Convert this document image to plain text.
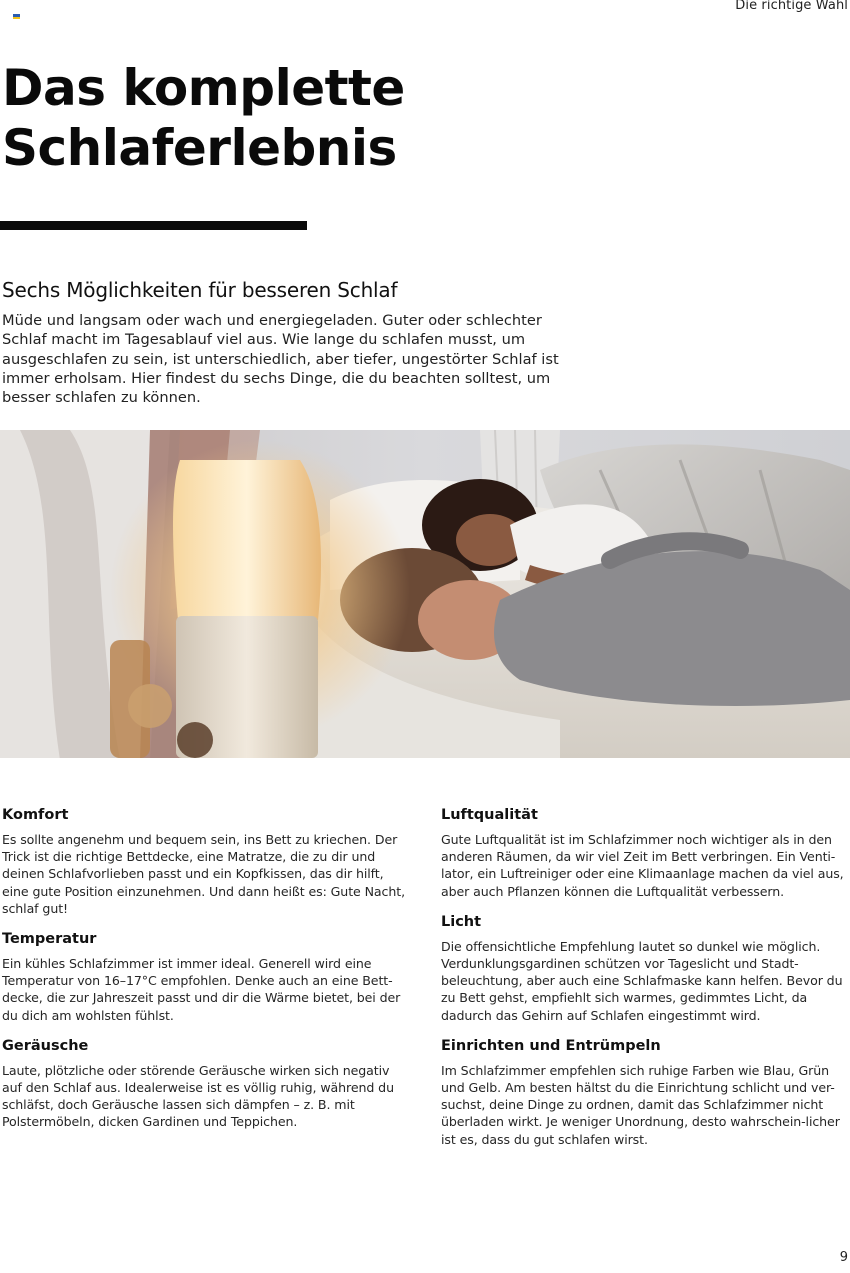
Die richtige Wahl
Das komplette
Schlaferlebnis
Sechs Möglichkeiten für besseren Schlaf

Müde und langsam oder wach und energiegeladen. Guter oder schlechter Schlaf macht im Tagesablauf viel aus. Wie lange du schlafen musst, um ausgeschlafen zu sein, ist unterschiedlich, aber tiefer, ungestörter Schlaf ist immer erholsam. Hier findest du sechs Dinge, die du beachten solltest, um besser schlafen zu können.

Komfort

Es sollte angenehm und bequem sein, ins Bett zu kriechen. Der Trick ist die richtige Bettdecke, eine Matratze, die zu dir und deinen Schlafvorlieben passt und ein Kopfkissen, das dir hilft, eine gute Position einzunehmen. Und dann heißt es: Gute Nacht, schlaf gut!

Temperatur

Ein kühles Schlafzimmer ist immer ideal. Generell wird eine Temperatur von 16–17°C empfohlen. Denke auch an eine Bett-decke, die zur Jahreszeit passt und dir die Wärme bietet, bei der du dich am wohlsten fühlst.

Geräusche

Laute, plötzliche oder störende Geräusche wirken sich negativ auf den Schlaf aus. Idealerweise ist es völlig ruhig, während du schläfst, doch Geräusche lassen sich dämpfen – z. B. mit Polstermöbeln, dicken Gardinen und Teppichen.

Luftqualität

Gute Luftqualität ist im Schlafzimmer noch wichtiger als in den anderen Räumen, da wir viel Zeit im Bett verbringen. Ein Venti-lator, ein Luftreiniger oder eine Klimaanlage machen da viel aus, aber auch Pflanzen können die Luftqualität verbessern.

Licht

Die offensichtliche Empfehlung lautet so dunkel wie möglich. Verdunklungsgardinen schützen vor Tageslicht und Stadt-beleuchtung, aber auch eine Schlafmaske kann helfen. Bevor du zu Bett gehst, empfiehlt sich warmes, gedimmtes Licht, da dadurch das Gehirn auf Schlafen eingestimmt wird.

Einrichten und Entrümpeln

Im Schlafzimmer empfehlen sich ruhige Farben wie Blau, Grün und Gelb. Am besten hältst du die Einrichtung schlicht und ver-suchst, deine Dinge zu ordnen, damit das Schlafzimmer nicht überladen wirkt. Je weniger Unordnung, desto wahrschein-licher ist es, dass du gut schlafen wirst.

9
